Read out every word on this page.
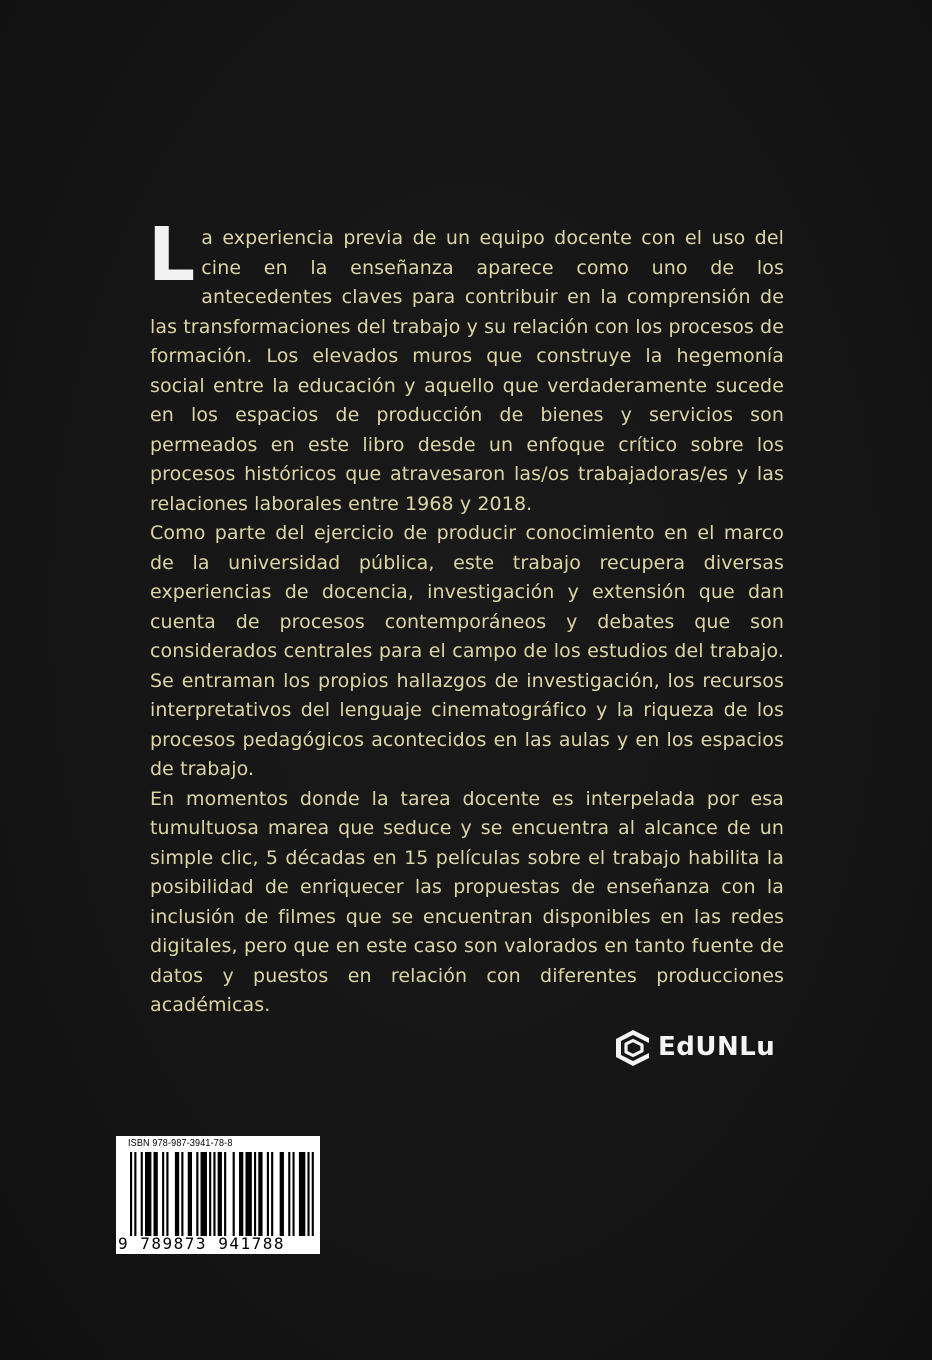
La experiencia previa de un equipo docente con el uso del cine en la enseñanza aparece como uno de los antecedentes claves para contribuir en la comprensión de las transformaciones del trabajo y su relación con los procesos de formación. Los elevados muros que construye la hegemonía social entre la educación y aquello que verdaderamente sucede en los espacios de producción de bienes y servicios son permeados en este libro desde un enfoque crítico sobre los procesos históricos que atravesaron las/os trabajadoras/es y las relaciones laborales entre 1968 y 2018.

Como parte del ejercicio de producir conocimiento en el marco de la universidad pública, este trabajo recupera diversas experiencias de docencia, investigación y extensión que dan cuenta de procesos contemporáneos y debates que son considerados centrales para el campo de los estudios del trabajo. Se entraman los propios hallazgos de investigación, los recursos interpretativos del lenguaje cinematográfico y la riqueza de los procesos pedagógicos acontecidos en las aulas y en los espacios de trabajo.

En momentos donde la tarea docente es interpelada por esa tumultuosa marea que seduce y se encuentra al alcance de un simple clic, 5 décadas en 15 películas sobre el trabajo habilita la posibilidad de enriquecer las propuestas de enseñanza con la inclusión de filmes que se encuentran disponibles en las redes digitales, pero que en este caso son valorados en tanto fuente de datos y puestos en relación con diferentes producciones académicas.

EdUNLu
ISBN 978-987-3941-78-8
9 789873 941788
